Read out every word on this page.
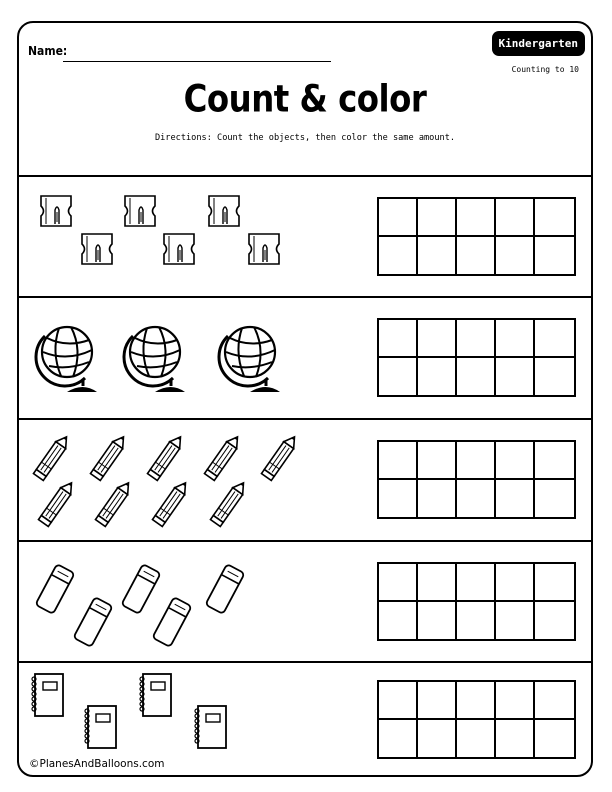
Name:
Kindergarten
Counting to 10
Count & color
Directions: Count the objects, then color the same amount.
©PlanesAndBalloons.com
